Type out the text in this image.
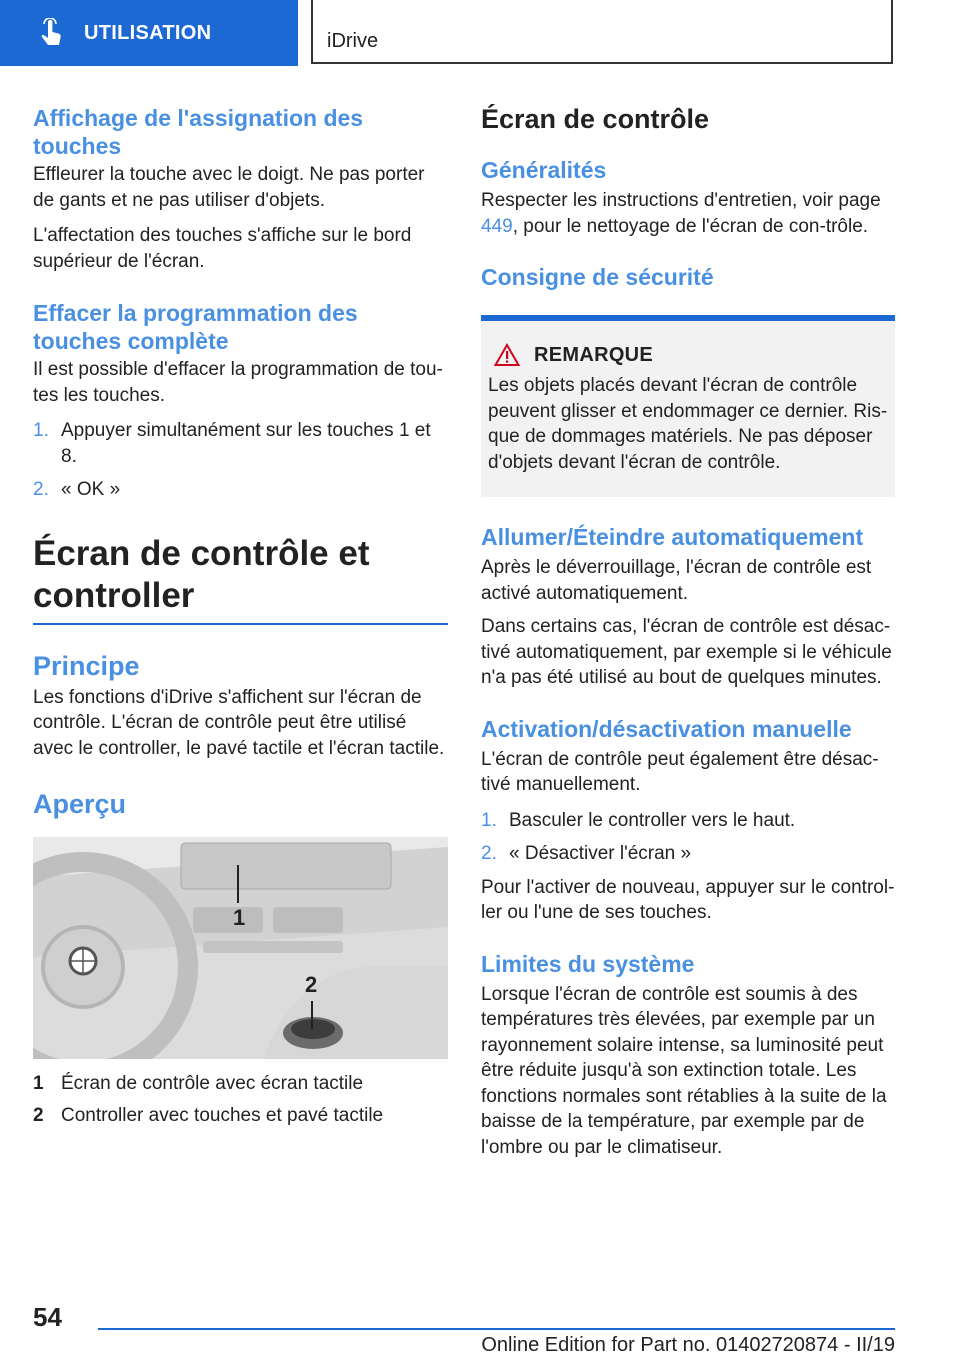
UTILISATION	iDrive
Affichage de l'assignation des touches

Effleurer la touche avec le doigt. Ne pas porter de gants et ne pas utiliser d'objets.

L'affectation des touches s'affiche sur le bord supérieur de l'écran.

Effacer la programmation des touches complète

Il est possible d'effacer la programmation de tou-tes les touches.

1. Appuyer simultanément sur les touches 1 et 8.
2. « OK »
Écran de contrôle et controller
Principe

Les fonctions d'iDrive s'affichent sur l'écran de contrôle. L'écran de contrôle peut être utilisé avec le controller, le pavé tactile et l'écran tactile.

Aperçu
1
2
1 Écran de contrôle avec écran tactile
2 Controller avec touches et pavé tactile
Écran de contrôle
Généralités

Respecter les instructions d'entretien, voir page 449, pour le nettoyage de l'écran de con-trôle.

Consigne de sécurité
REMARQUE

Les objets placés devant l'écran de contrôle peuvent glisser et endommager ce dernier. Ris-que de dommages matériels. Ne pas déposer d'objets devant l'écran de contrôle.

Allumer/Éteindre automatiquement

Après le déverrouillage, l'écran de contrôle est activé automatiquement.

Dans certains cas, l'écran de contrôle est désac-tivé automatiquement, par exemple si le véhicule n'a pas été utilisé au bout de quelques minutes.

Activation/désactivation manuelle

L'écran de contrôle peut également être désac-tivé manuellement.

1. Basculer le controller vers le haut.
2. « Désactiver l'écran »

Pour l'activer de nouveau, appuyer sur le control-ler ou l'une de ses touches.

Limites du système

Lorsque l'écran de contrôle est soumis à des températures très élevées, par exemple par un rayonnement solaire intense, sa luminosité peut être réduite jusqu'à son extinction totale. Les fonctions normales sont rétablies à la suite de la baisse de la température, par exemple par de l'ombre ou par le climatiseur.

54
Online Edition for Part no. 01402720874 - II/19
